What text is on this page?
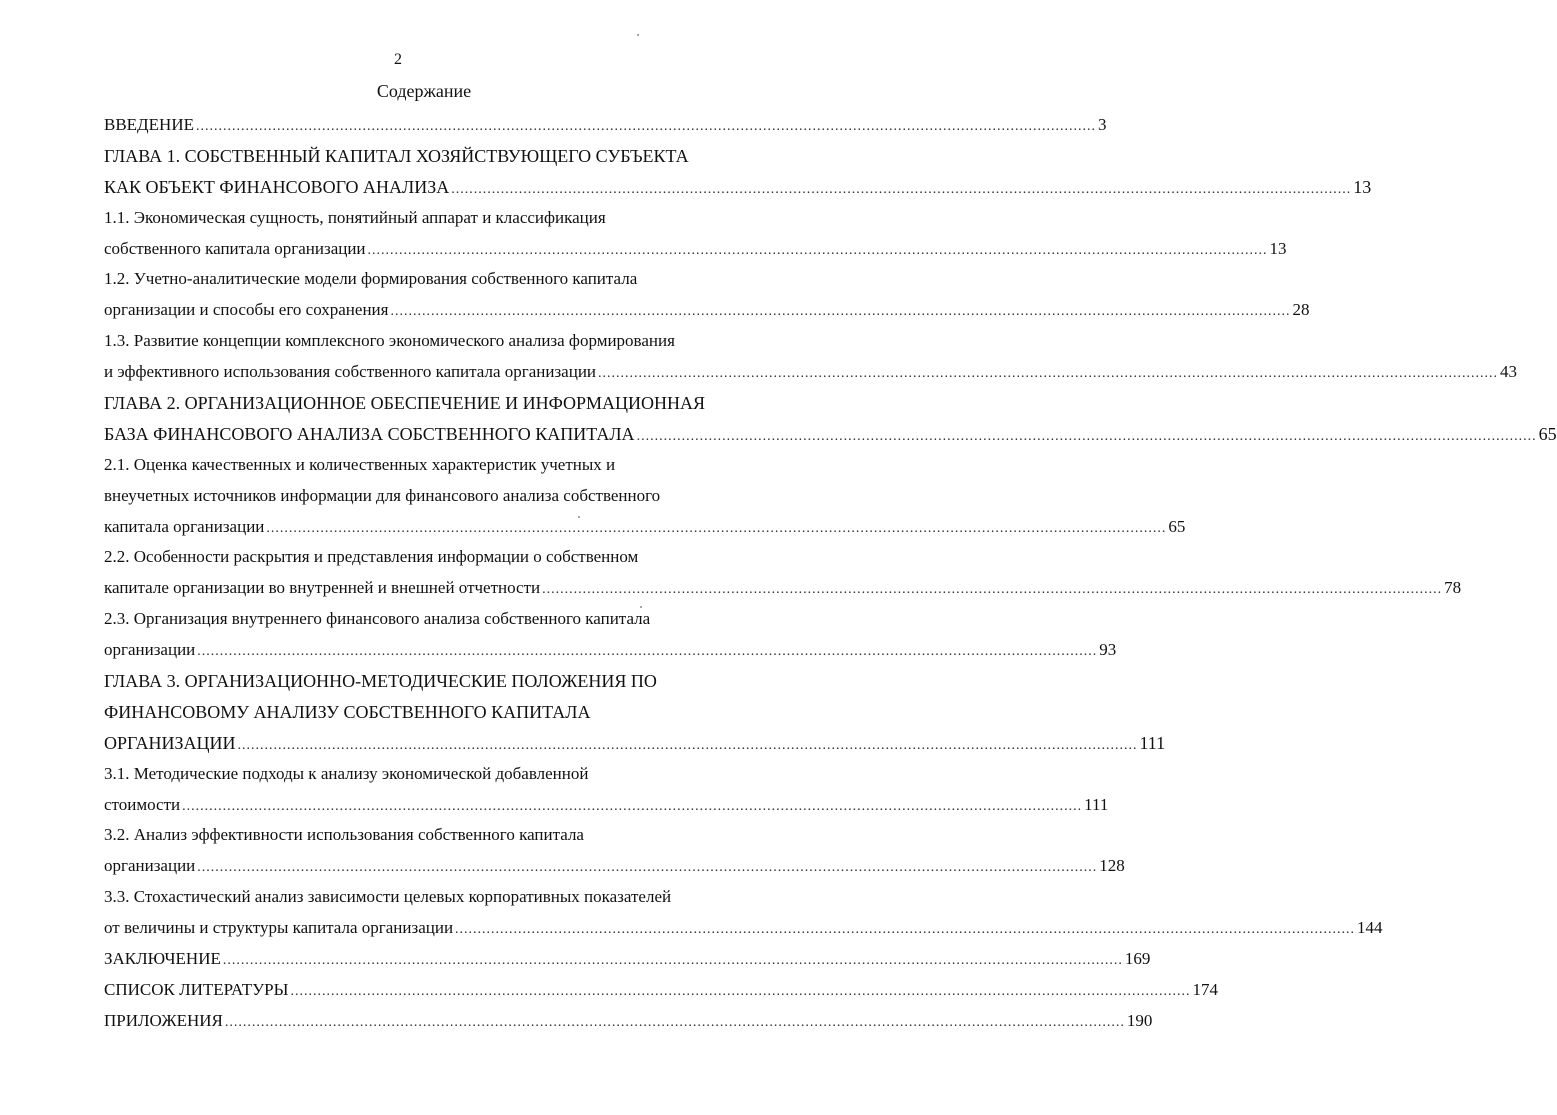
2
Содержание
ВВЕДЕНИЕ ........................................................................................................................................................................................................ 3
ГЛАВА 1. СОБСТВЕННЫЙ КАПИТАЛ ХОЗЯЙСТВУЮЩЕГО СУБЪЕКТА
КАК ОБЪЕКТ ФИНАНСОВОГО АНАЛИЗА ........................................................................................................................................................................................................ 13
1.1. Экономическая сущность, понятийный аппарат и классификация
собственного капитала организации ........................................................................................................................................................................................................ 13
1.2. Учетно-аналитические модели формирования собственного капитала
организации и способы его сохранения ........................................................................................................................................................................................................ 28
1.3. Развитие концепции комплексного экономического анализа формирования
и эффективного использования собственного капитала организации ........................................................................................................................................................................................................ 43
ГЛАВА 2. ОРГАНИЗАЦИОННОЕ ОБЕСПЕЧЕНИЕ И ИНФОРМАЦИОННАЯ
БАЗА ФИНАНСОВОГО АНАЛИЗА СОБСТВЕННОГО КАПИТАЛА ........................................................................................................................................................................................................ 65
2.1. Оценка качественных и количественных характеристик учетных и
внеучетных источников информации для финансового анализа собственного
капитала организации ........................................................................................................................................................................................................ 65
2.2. Особенности раскрытия и представления информации о собственном
капитале организации во внутренней и внешней отчетности ........................................................................................................................................................................................................ 78
2.3. Организация внутреннего финансового анализа собственного капитала
организации ........................................................................................................................................................................................................ 93
ГЛАВА 3. ОРГАНИЗАЦИОННО-МЕТОДИЧЕСКИЕ ПОЛОЖЕНИЯ ПО
ФИНАНСОВОМУ АНАЛИЗУ СОБСТВЕННОГО КАПИТАЛА
ОРГАНИЗАЦИИ ........................................................................................................................................................................................................ 111
3.1. Методические подходы к анализу экономической добавленной
стоимости ........................................................................................................................................................................................................ 111
3.2. Анализ эффективности использования собственного капитала
организации ........................................................................................................................................................................................................ 128
3.3. Стохастический анализ зависимости целевых корпоративных показателей
от величины и структуры капитала организации ........................................................................................................................................................................................................ 144
ЗАКЛЮЧЕНИЕ ........................................................................................................................................................................................................ 169
СПИСОК ЛИТЕРАТУРЫ ........................................................................................................................................................................................................ 174
ПРИЛОЖЕНИЯ ........................................................................................................................................................................................................ 190
